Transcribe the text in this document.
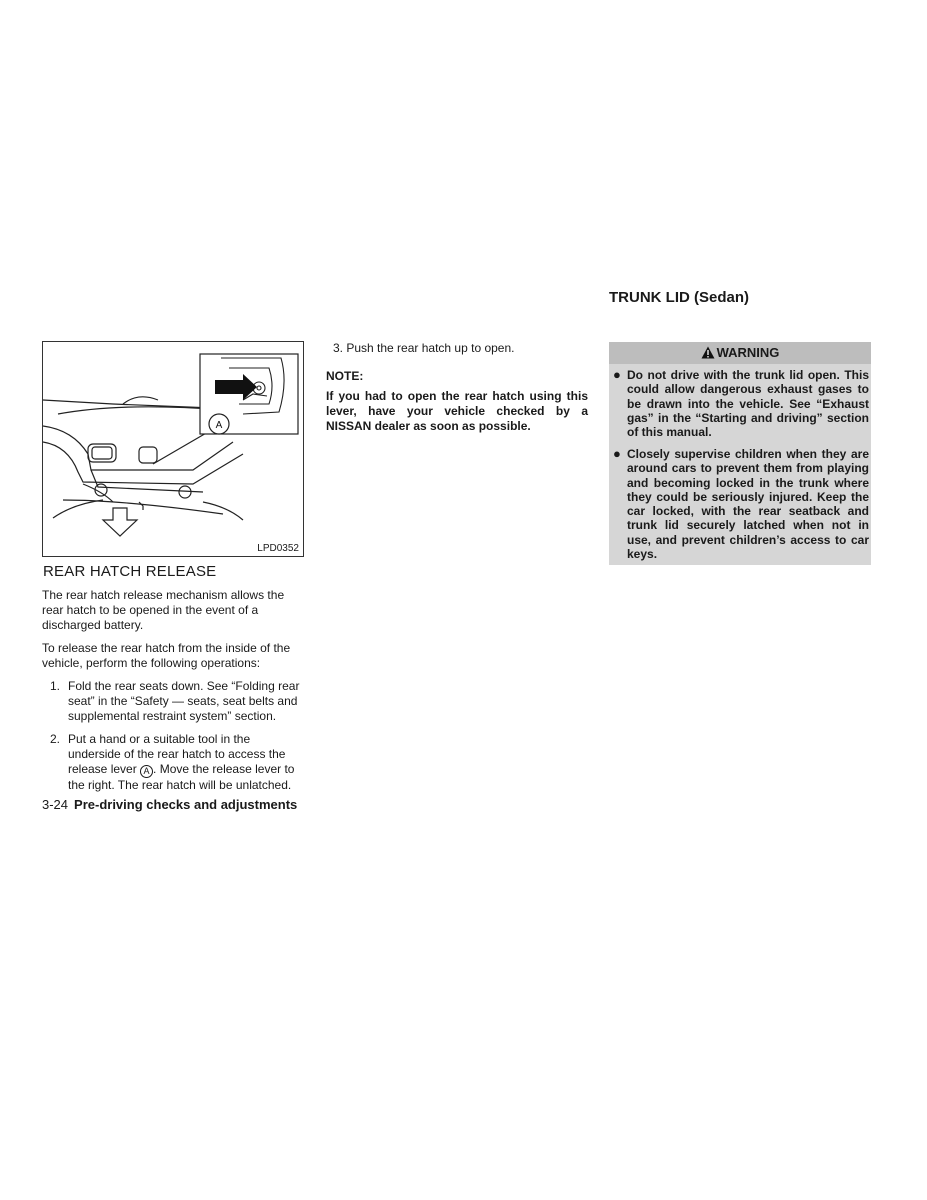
A
LPD0352
REAR HATCH RELEASE

The rear hatch release mechanism allows the rear hatch to be opened in the event of a discharged battery.

To release the rear hatch from the inside of the vehicle, perform the following operations:

1. Fold the rear seats down. See “Folding rear seat” in the “Safety — seats, seat belts and supplemental restraint system” section.
2. Put a hand or a suitable tool in the underside of the rear hatch to access the release lever A . Move the release lever to the right. The rear hatch will be unlatched.
3-24 Pre-driving checks and adjustments
3. Push the rear hatch up to open.
NOTE:

If you had to open the rear hatch using this lever, have your vehicle checked by a NISSAN dealer as soon as possible.

TRUNK LID (Sedan)
WARNING
● Do not drive with the trunk lid open. This could allow dangerous exhaust gases to be drawn into the vehicle. See “Exhaust gas” in the “Starting and driving” section of this manual.
● Closely supervise children when they are around cars to prevent them from playing and becoming locked in the trunk where they could be seriously injured. Keep the car locked, with the rear seatback and trunk lid securely latched when not in use, and prevent children’s access to car keys.
